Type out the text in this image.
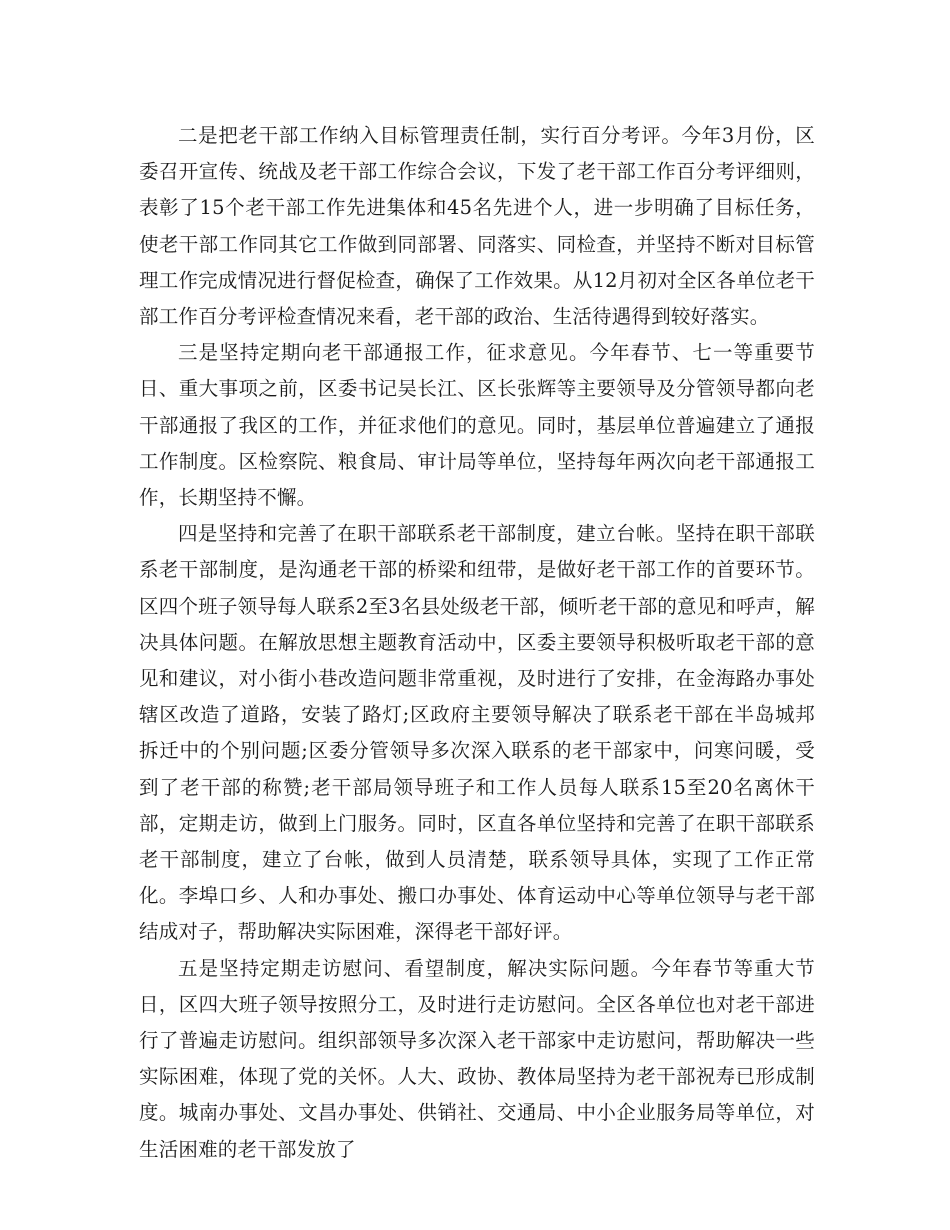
二是把老干部工作纳入目标管理责任制，实行百分考评。今年3月份，区委召开宣传、统战及老干部工作综合会议，下发了老干部工作百分考评细则，表彰了15个老干部工作先进集体和45名先进个人，进一步明确了目标任务，使老干部工作同其它工作做到同部署、同落实、同检查，并坚持不断对目标管理工作完成情况进行督促检查，确保了工作效果。从12月初对全区各单位老干部工作百分考评检查情况来看，老干部的政治、生活待遇得到较好落实。

三是坚持定期向老干部通报工作，征求意见。今年春节、七一等重要节日、重大事项之前，区委书记吴长江、区长张辉等主要领导及分管领导都向老干部通报了我区的工作，并征求他们的意见。同时，基层单位普遍建立了通报工作制度。区检察院、粮食局、审计局等单位，坚持每年两次向老干部通报工作，长期坚持不懈。

四是坚持和完善了在职干部联系老干部制度，建立台帐。坚持在职干部联系老干部制度，是沟通老干部的桥梁和纽带，是做好老干部工作的首要环节。区四个班子领导每人联系2至3名县处级老干部，倾听老干部的意见和呼声，解决具体问题。在解放思想主题教育活动中，区委主要领导积极听取老干部的意见和建议，对小街小巷改造问题非常重视，及时进行了安排，在金海路办事处辖区改造了道路，安装了路灯;区政府主要领导解决了联系老干部在半岛城邦拆迁中的个别问题;区委分管领导多次深入联系的老干部家中，问寒问暖，受到了老干部的称赞;老干部局领导班子和工作人员每人联系15至20名离休干部，定期走访，做到上门服务。同时，区直各单位坚持和完善了在职干部联系老干部制度，建立了台帐，做到人员清楚，联系领导具体，实现了工作正常化。李埠口乡、人和办事处、搬口办事处、体育运动中心等单位领导与老干部结成对子，帮助解决实际困难，深得老干部好评。

五是坚持定期走访慰问、看望制度，解决实际问题。今年春节等重大节日，区四大班子领导按照分工，及时进行走访慰问。全区各单位也对老干部进行了普遍走访慰问。组织部领导多次深入老干部家中走访慰问，帮助解决一些实际困难，体现了党的关怀。人大、政协、教体局坚持为老干部祝寿已形成制度。城南办事处、文昌办事处、供销社、交通局、中小企业服务局等单位，对生活困难的老干部发放了
